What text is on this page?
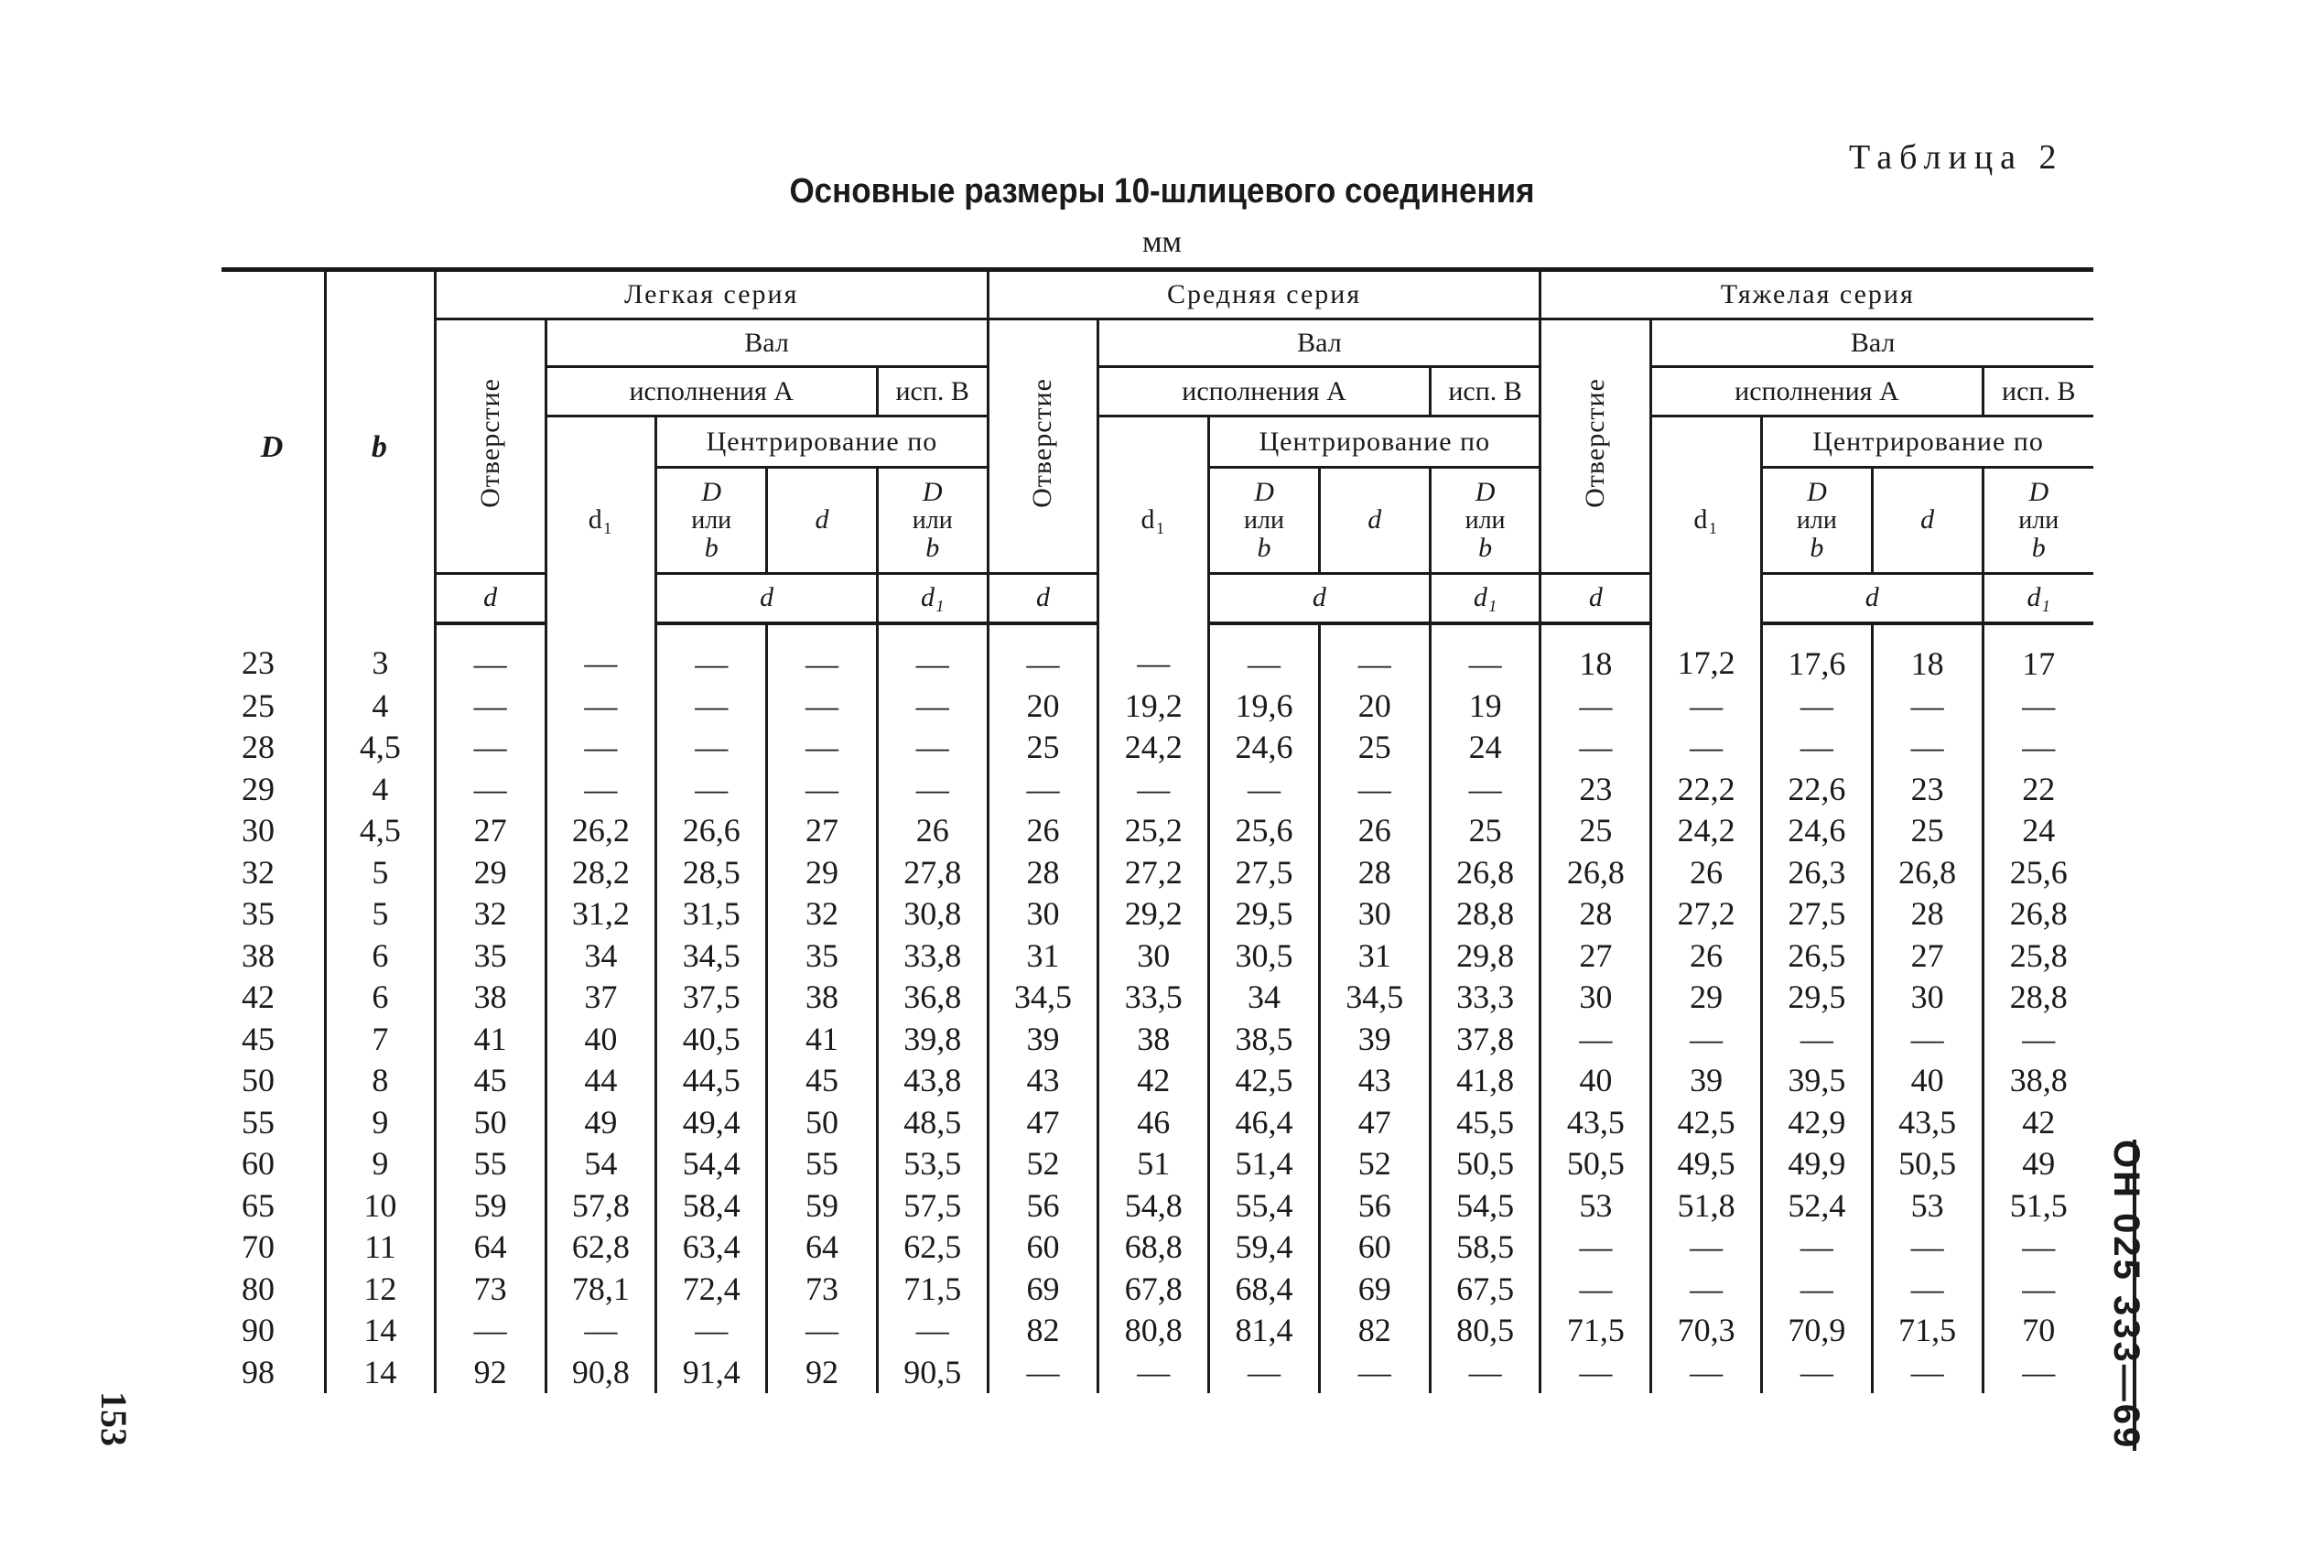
Таблица 2
Основные размеры 10-шлицевого соединения
мм
153	ОН 025 333—69
D	b	Легкая серия					Средняя серия					Тяжелая серия				
		Отверстие	Вал				Отверстие	Вал				Отверстие	Вал			
			исполнения А			исп. В		исполнения А			исп. В		исполнения А			исп. В
			d₁	Центрирование по				d₁	Центрирование по				d₁	Центрирование по		
				D
или
b	d	D
или
b			D
или
b	d	D
или
b			D
или
b	d	D
или
b
		d		d		d₁	d		d		d₁	d		d		d₁
23	3	—	—	—	—	—	—	—	—	—	—	18	17,2	17,6	18	17
25	4	—	—	—	—	—	20	19,2	19,6	20	19	—	—	—	—	—
28	4,5	—	—	—	—	—	25	24,2	24,6	25	24	—	—	—	—	—
29	4	—	—	—	—	—	—	—	—	—	—	23	22,2	22,6	23	22
30	4,5	27	26,2	26,6	27	26	26	25,2	25,6	26	25	25	24,2	24,6	25	24
32	5	29	28,2	28,5	29	27,8	28	27,2	27,5	28	26,8	26,8	26	26,3	26,8	25,6
35	5	32	31,2	31,5	32	30,8	30	29,2	29,5	30	28,8	28	27,2	27,5	28	26,8
38	6	35	34	34,5	35	33,8	31	30	30,5	31	29,8	27	26	26,5	27	25,8
42	6	38	37	37,5	38	36,8	34,5	33,5	34	34,5	33,3	30	29	29,5	30	28,8
45	7	41	40	40,5	41	39,8	39	38	38,5	39	37,8	—	—	—	—	—
50	8	45	44	44,5	45	43,8	43	42	42,5	43	41,8	40	39	39,5	40	38,8
55	9	50	49	49,4	50	48,5	47	46	46,4	47	45,5	43,5	42,5	42,9	43,5	42
60	9	55	54	54,4	55	53,5	52	51	51,4	52	50,5	50,5	49,5	49,9	50,5	49
65	10	59	57,8	58,4	59	57,5	56	54,8	55,4	56	54,5	53	51,8	52,4	53	51,5
70	11	64	62,8	63,4	64	62,5	60	68,8	59,4	60	58,5	—	—	—	—	—
80	12	73	78,1	72,4	73	71,5	69	67,8	68,4	69	67,5	—	—	—	—	—
90	14	—	—	—	—	—	82	80,8	81,4	82	80,5	71,5	70,3	70,9	71,5	70
98	14	92	90,8	91,4	92	90,5	—	—	—	—	—	—	—	—	—	—
